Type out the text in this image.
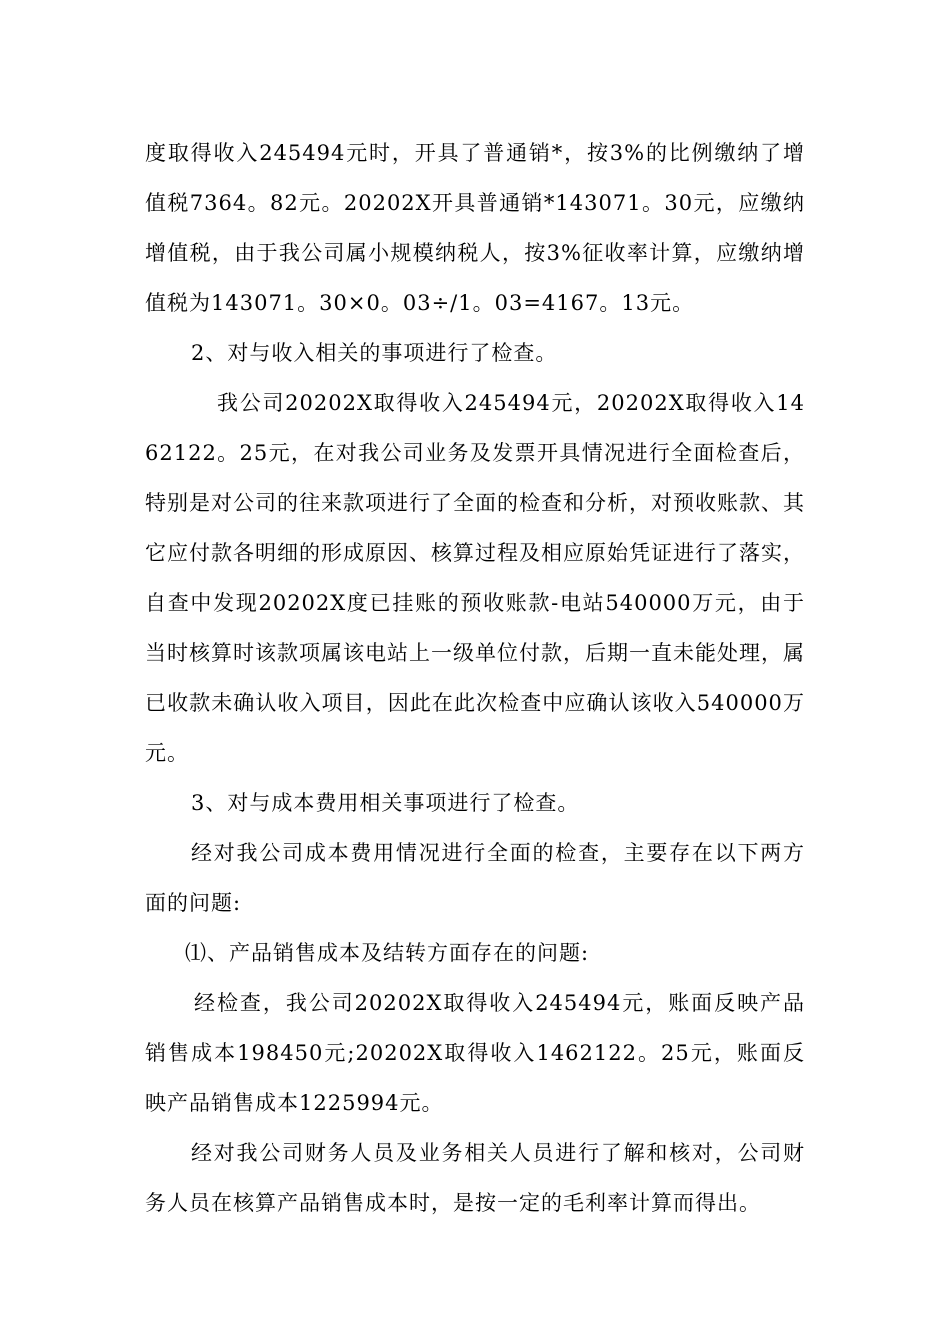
度取得收入245494元时，开具了普通销*，按3%的比例缴纳了增值税7364。82元。20202X开具普通销*143071。30元，应缴纳增值税，由于我公司属小规模纳税人，按3%征收率计算，应缴纳增值税为143071。30×0。03÷/1。03=4167。13元。

2、对与收入相关的事项进行了检查。

我公司20202X取得收入245494元，20202X取得收入1462122。25元，在对我公司业务及发票开具情况进行全面检查后，特别是对公司的往来款项进行了全面的检查和分析，对预收账款、其它应付款各明细的形成原因、核算过程及相应原始凭证进行了落实，自查中发现20202X度已挂账的预收账款-电站540000万元，由于当时核算时该款项属该电站上一级单位付款，后期一直未能处理，属已收款未确认收入项目，因此在此次检查中应确认该收入540000万元。

3、对与成本费用相关事项进行了检查。

经对我公司成本费用情况进行全面的检查，主要存在以下两方面的问题:

⑴、产品销售成本及结转方面存在的问题:

经检查，我公司20202X取得收入245494元，账面反映产品销售成本198450元;20202X取得收入1462122。25元，账面反映产品销售成本1225994元。

经对我公司财务人员及业务相关人员进行了解和核对，公司财务人员在核算产品销售成本时，是按一定的毛利率计算而得出。
